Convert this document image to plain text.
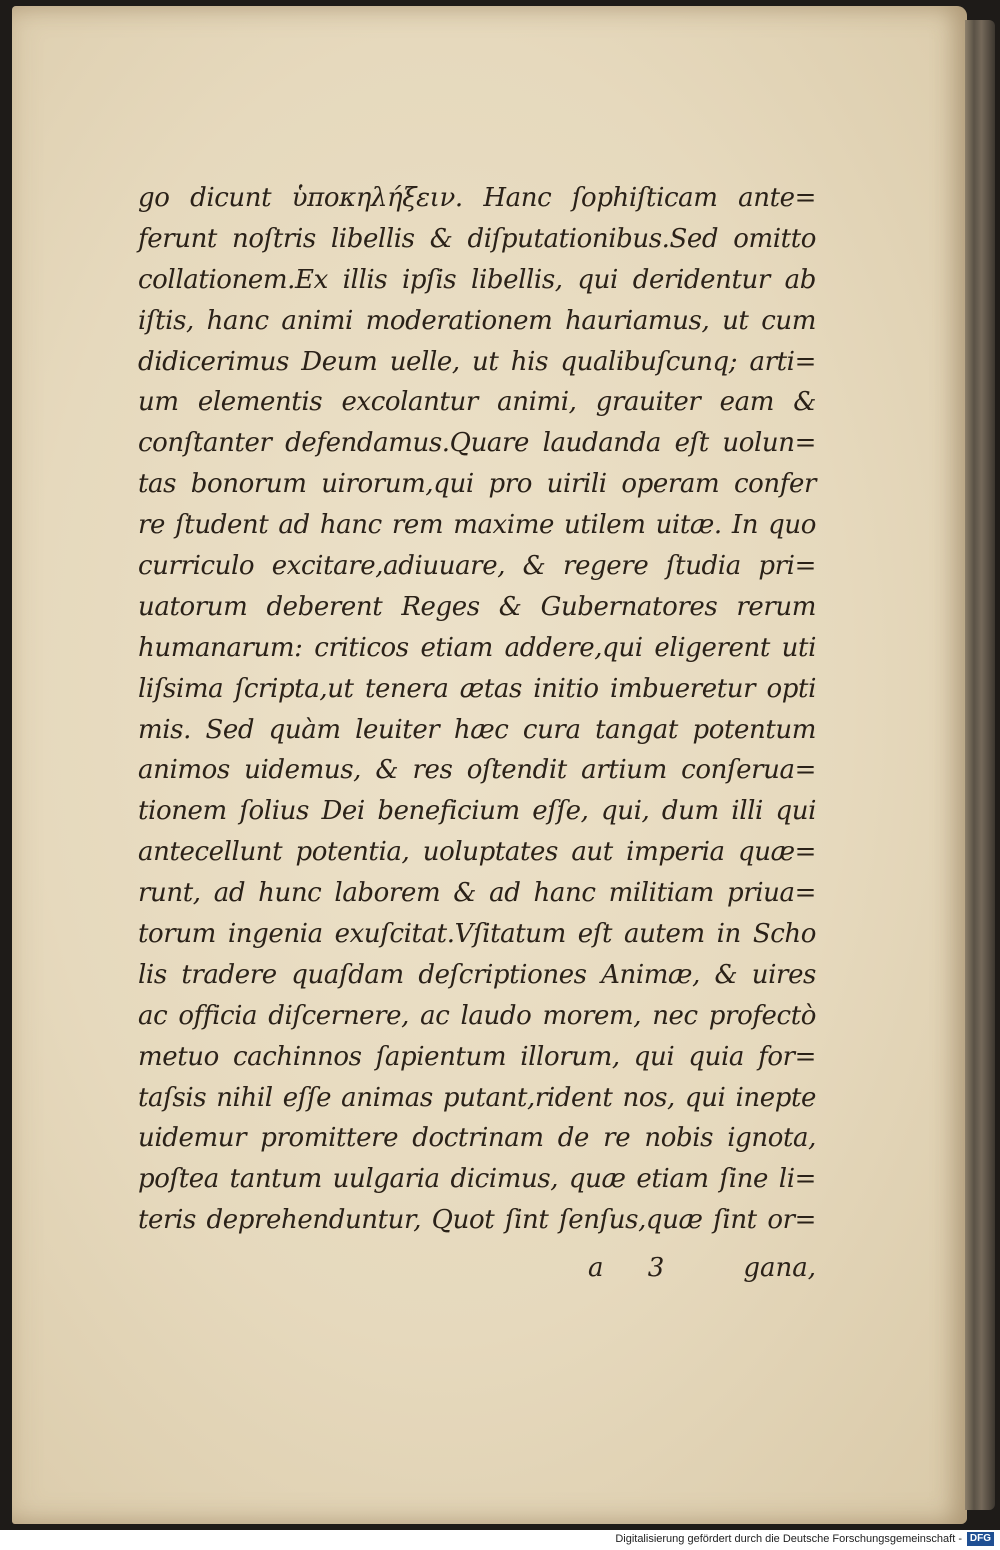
go dicunt ὑποκηλήξειν. Hanc ſophiſticam ante=
ferunt noſtris libellis & diſputationibus.Sed omitto
collationem.Ex illis ipſis libellis, qui deridentur ab
iſtis, hanc animi moderationem hauriamus, ut cum
didicerimus Deum uelle, ut his qualibuſcunq; arti=
um elementis excolantur animi, grauiter eam &
conſtanter defendamus.Quare laudanda eſt uolun=
tas bonorum uirorum,qui pro uirili operam confer
re ſtudent ad hanc rem maxime utilem uitæ. In quo
curriculo excitare,adiuuare, & regere ſtudia pri=
uatorum deberent Reges & Gubernatores rerum
humanarum: criticos etiam addere,qui eligerent uti
liſsima ſcripta,ut tenera ætas initio imbueretur opti
mis. Sed quàm leuiter hæc cura tangat potentum
animos uidemus, & res oſtendit artium conſerua=
tionem ſolius Dei beneficium eſſe, qui, dum illi qui
antecellunt potentia, uoluptates aut imperia quæ=
runt, ad hunc laborem & ad hanc militiam priua=
torum ingenia exuſcitat.Vſitatum eſt autem in Scho
lis tradere quaſdam deſcriptiones Animæ, & uires
ac officia diſcernere, ac laudo morem, nec profectò
metuo cachinnos ſapientum illorum, qui quia for=
taſsis nihil eſſe animas putant,rident nos, qui inepte
uidemur promittere doctrinam de re nobis ignota,
poſtea tantum uulgaria dicimus, quæ etiam ſine li=
teris deprehenduntur, Quot ſint ſenſus,quæ ſint or=
a 3 gana,
Digitalisierung gefördert durch die Deutsche Forschungsgemeinschaft - DFG
